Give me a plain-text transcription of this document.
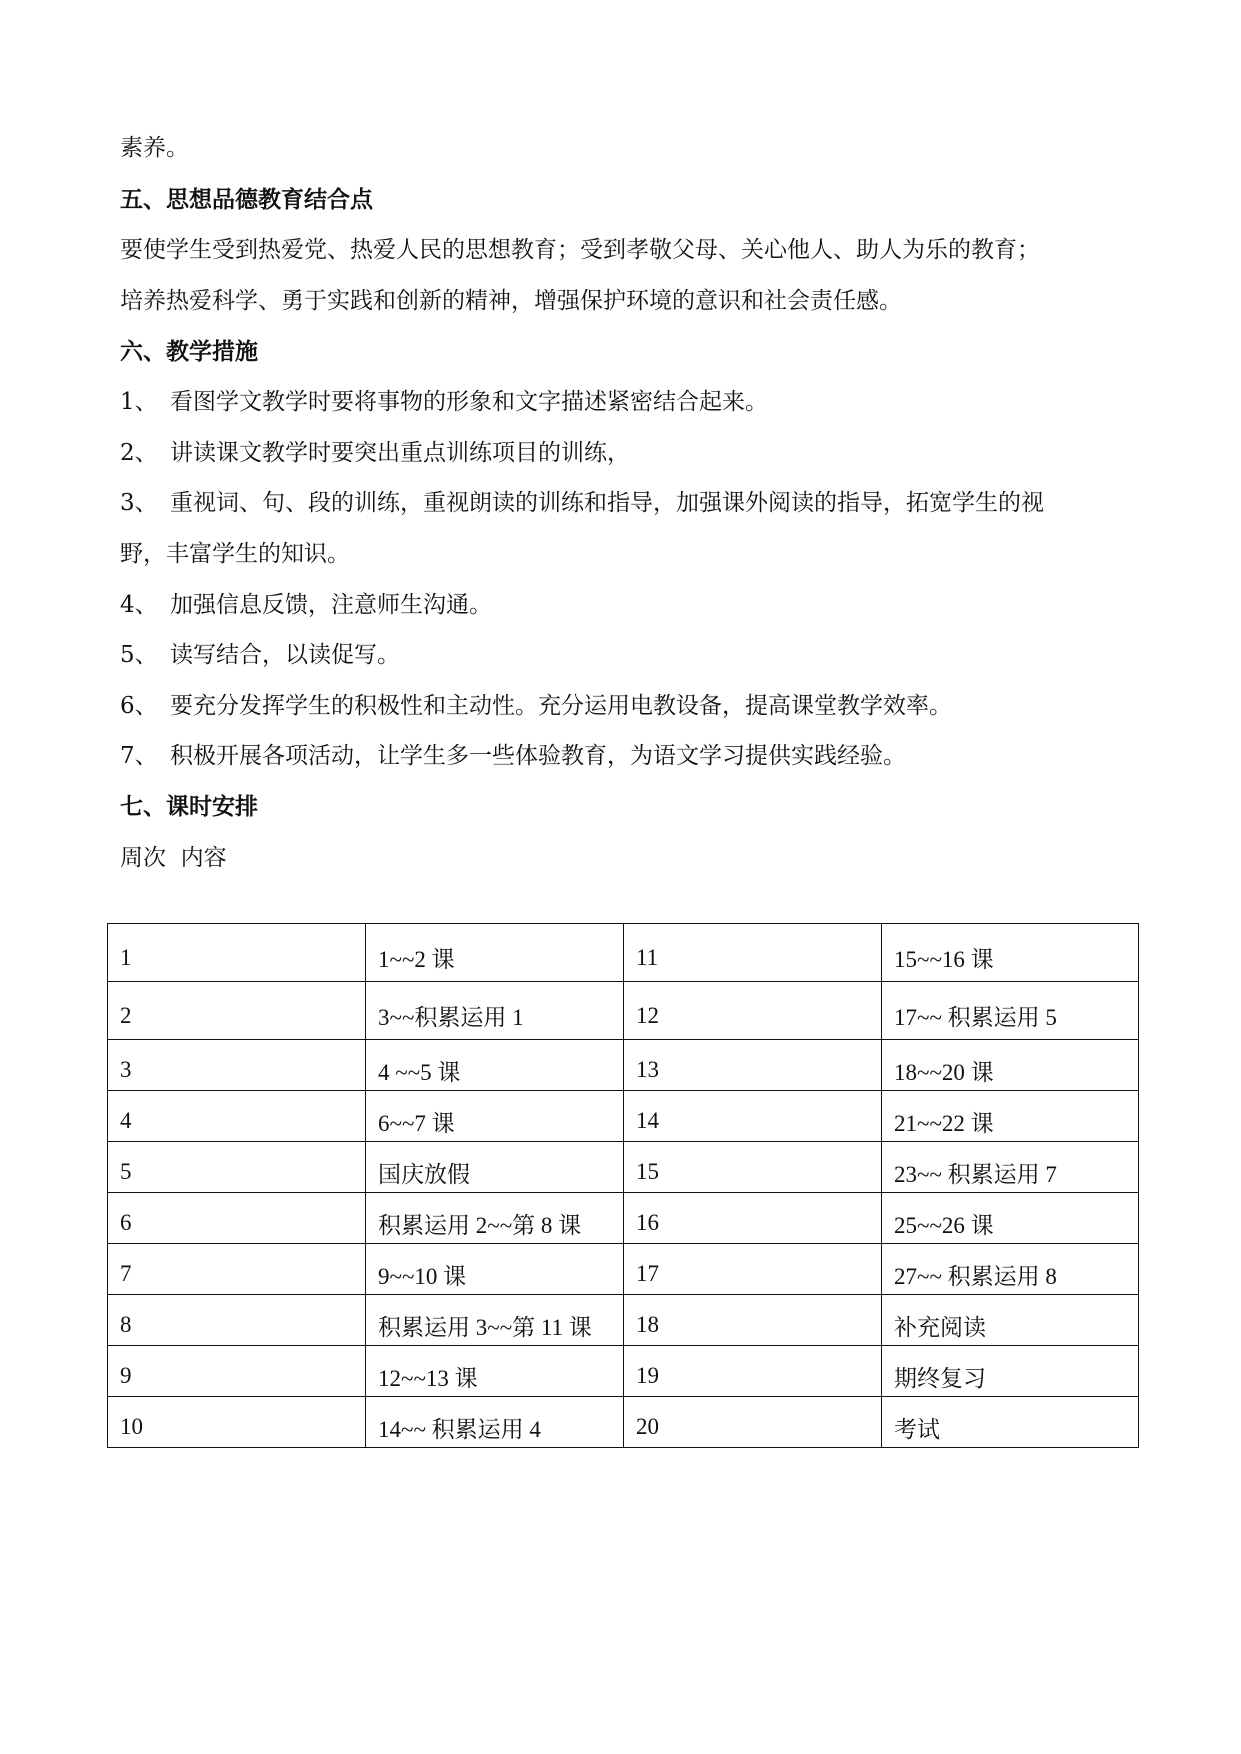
素养。
五、思想品德教育结合点
要使学生受到热爱党、热爱人民的思想教育；受到孝敬父母、关心他人、助人为乐的教育；
培养热爱科学、勇于实践和创新的精神，增强保护环境的意识和社会责任感。
六、教学措施
1、 看图学文教学时要将事物的形象和文字描述紧密结合起来。
2、 讲读课文教学时要突出重点训练项目的训练，
3、 重视词、句、段的训练，重视朗读的训练和指导，加强课外阅读的指导，拓宽学生的视
野，丰富学生的知识。
4、 加强信息反馈，注意师生沟通。
5、 读写结合，以读促写。
6、 要充分发挥学生的积极性和主动性。充分运用电教设备，提高课堂教学效率。
7、 积极开展各项活动，让学生多一些体验教育，为语文学习提供实践经验。
七、课时安排
周次  内容
1	1~~2 课	11	15~~16 课
2	3~~积累运用 1	12	17~~ 积累运用 5
3	4 ~~5 课	13	18~~20 课
4	6~~7 课	14	21~~22 课
5	国庆放假	15	23~~ 积累运用 7
6	积累运用 2~~第 8 课	16	25~~26 课
7	9~~10 课	17	27~~ 积累运用 8
8	积累运用 3~~第 11 课	18	补充阅读
9	12~~13 课	19	期终复习
10	14~~ 积累运用 4	20	考试
